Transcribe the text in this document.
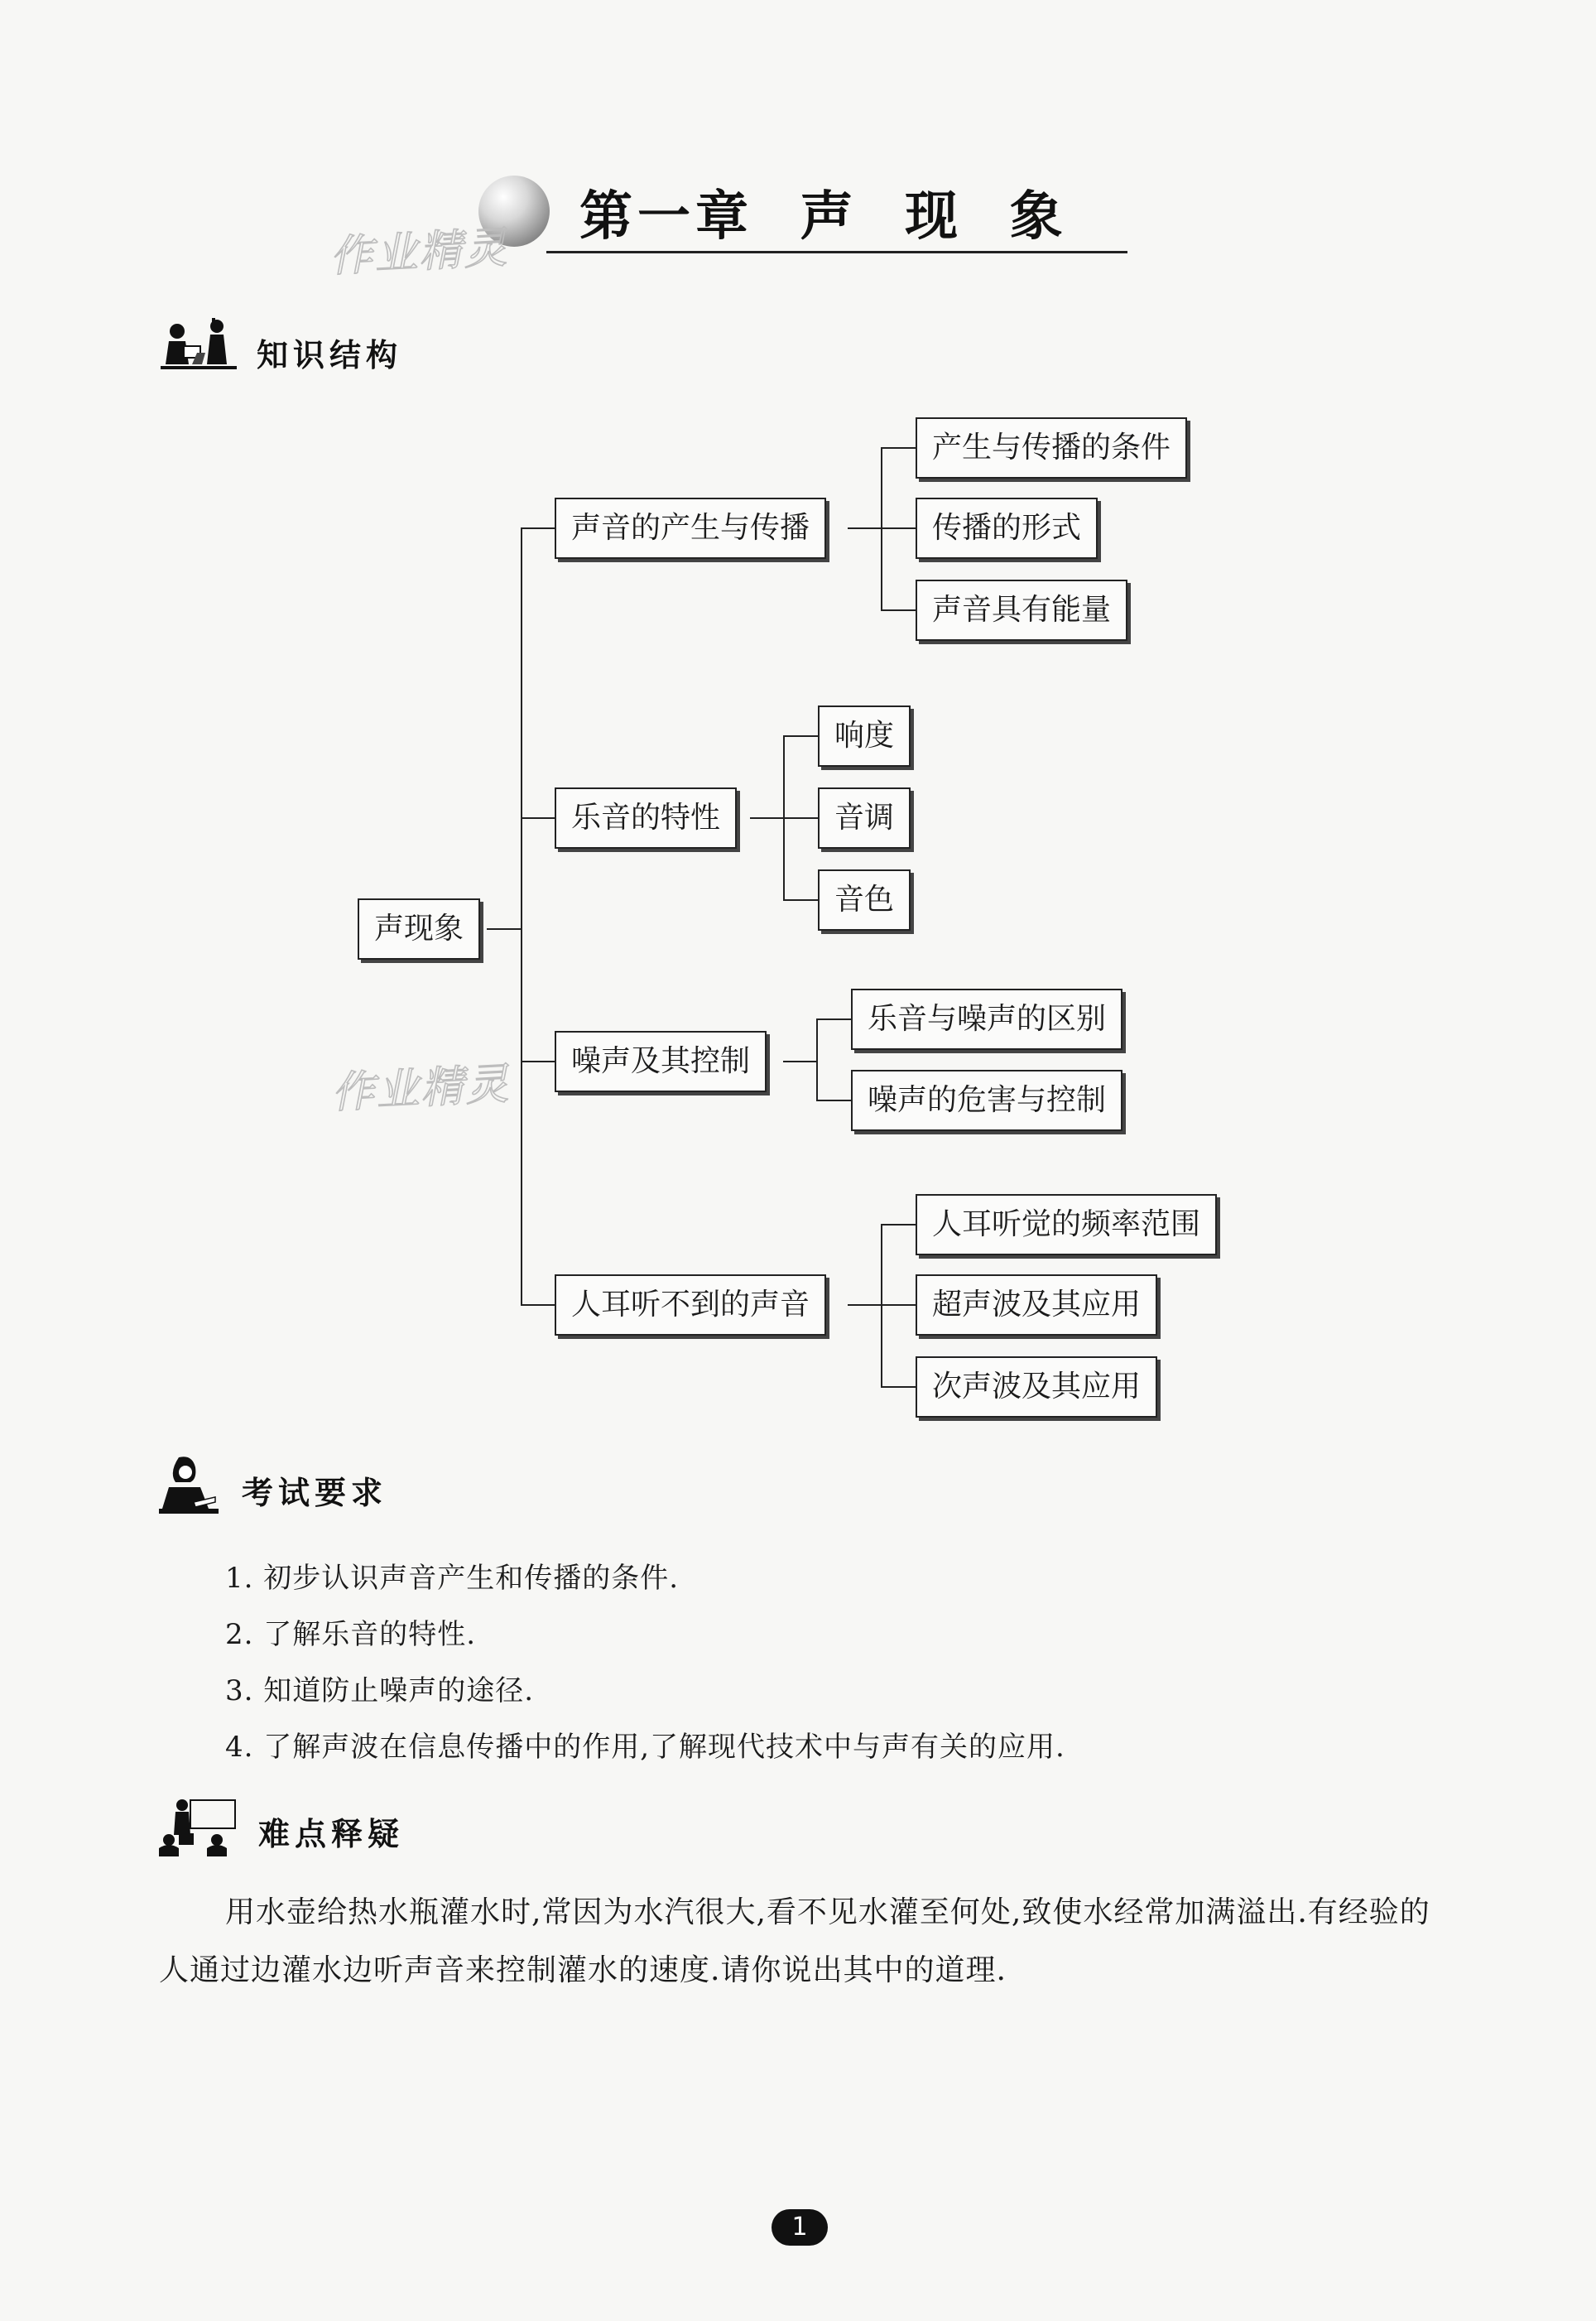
第一章  声  现  象
作业精灵
作业精灵
知识结构
声现象
声音的产生与传播
产生与传播的条件
传播的形式
声音具有能量
乐音的特性
响度
音调
音色
噪声及其控制
乐音与噪声的区别
噪声的危害与控制
人耳听不到的声音
人耳听觉的频率范围
超声波及其应用
次声波及其应用
考试要求
1. 初步认识声音产生和传播的条件.
2. 了解乐音的特性.
3. 知道防止噪声的途径.
4. 了解声波在信息传播中的作用,了解现代技术中与声有关的应用.
难点释疑
用水壶给热水瓶灌水时,常因为水汽很大,看不见水灌至何处,致使水经常加满溢出.有经验的人通过边灌水边听声音来控制灌水的速度.请你说出其中的道理.
1
